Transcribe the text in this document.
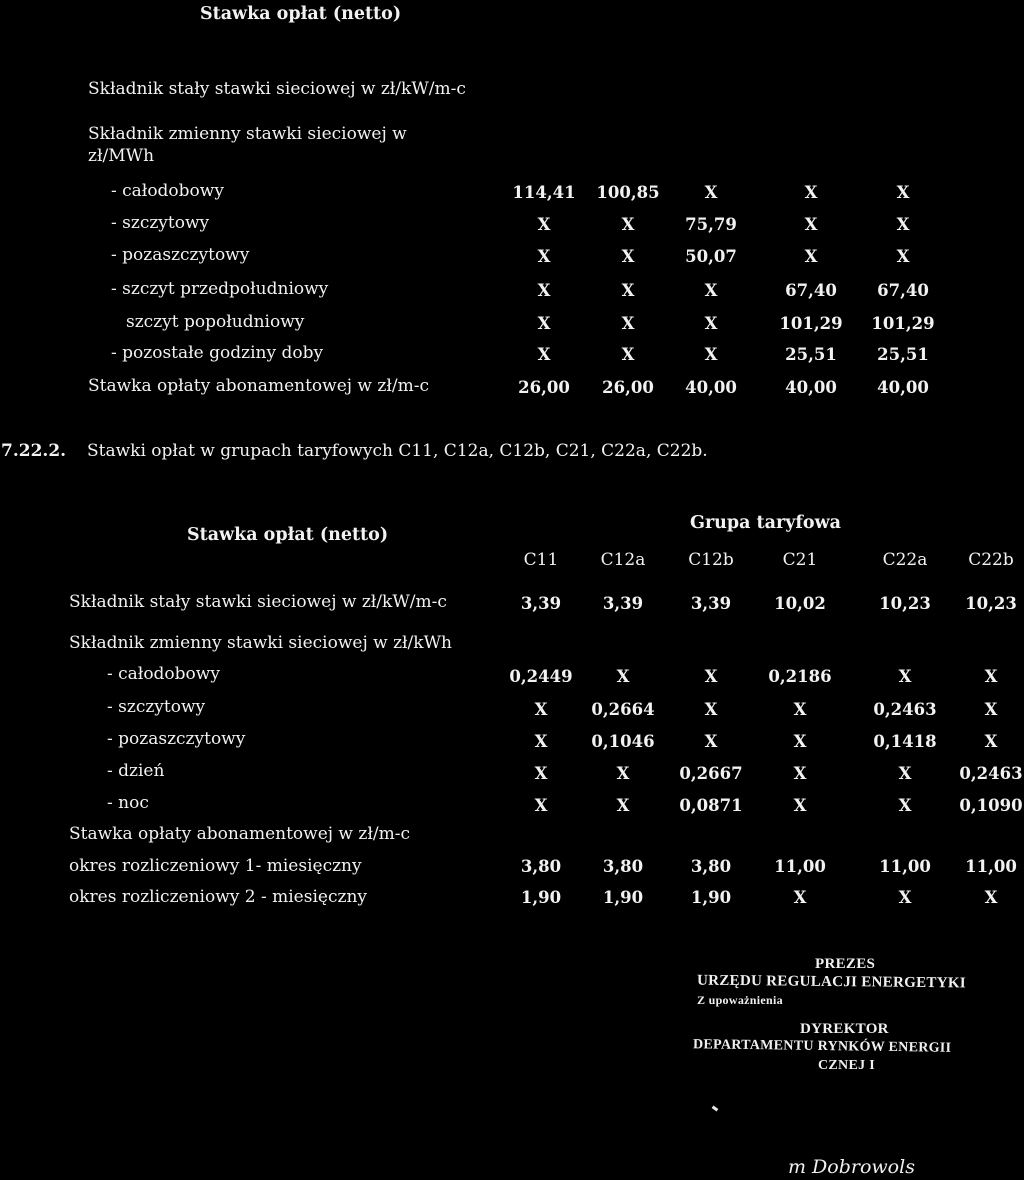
Stawka opłat (netto)
Składnik stały stawki sieciowej w zł/kW/m-c
Składnik zmienny stawki sieciowej w
zł/MWh
- całodobowy	114,41 100,85	X	X	X
- szczytowy	X	X	75,79	X	X
- pozaszczytowy	X	X	50,07	X	X
- szczyt przedpołudniowy	X	X	X	67,40 67,40
szczyt popołudniowy	X	X	X	101,29 101,29
- pozostałe godziny doby	X	X	X	25,51 25,51
Stawka opłaty abonamentowej w zł/m-c	26,00 26,00 40,00	40,00 40,00
7.22.2. Stawki opłat w grupach taryfowych C11, C12a, C12b, C21, C22a, C22b.
Stawka opłat (netto)
Grupa taryfowa
C11 C12a	C12b	C21	C22a C22b
Składnik stały stawki sieciowej w zł/kW/m-c	3,39	3,39	3,39	10,02	10,23 10,23
Składnik zmienny stawki sieciowej w zł/kWh
- całodobowy	0,2449	X	X	0,2186	X	X
- szczytowy	X	0,2664	X	X	0,2463	X
- pozaszczytowy	X	0,1046	X	X	0,1418	X
- dzień	X	X	0,2667	X	X	0,2463
- noc	X	X	0,0871	X	X	0,1090
Stawka opłaty abonamentowej w zł/m-c
okres rozliczeniowy 1- miesięczny	3,80	3,80	3,80	11,00	11,00 11,00
okres rozliczeniowy 2 - miesięczny	1,90	1,90	1,90	X	X	X
PREZES
URZĘDU REGULACJI ENERGETYKI
Z upoważnienia
DYREKTOR
DEPARTAMENTU RYNKÓW ENERGII
CZNEJ I
m Dobrowols
